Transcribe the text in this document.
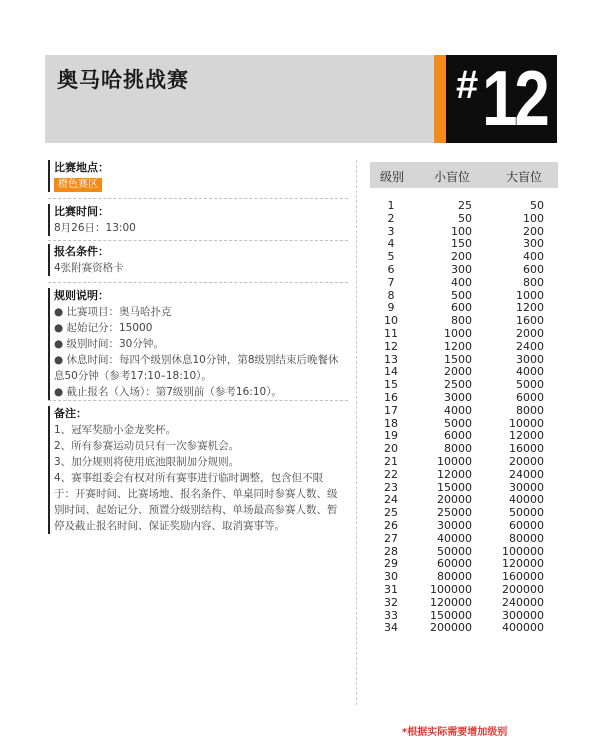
奥马哈挑战赛	# 12
比赛地点：
橙色赛区
比赛时间：
8月26日：13:00
报名条件：
4张附赛资格卡
规则说明：
● 比赛项目：奥马哈扑克
● 起始记分：15000
● 级别时间：30分钟。
● 休息时间：每四个级别休息10分钟，第8级别结束后晚餐休
息50分钟（参考17:10–18:10）。
● 截止报名（入场）：第7级别前（参考16:10）。
备注：
1、冠军奖励小金龙奖杯。
2、所有参赛运动员只有一次参赛机会。
3、加分规则将使用底池限制加分规则。
4、赛事组委会有权对所有赛事进行临时调整，包含但不限
于：开赛时间、比赛场地、报名条件、单桌同时参赛人数、级
别时间、起始记分、预置分级别结构、单场最高参赛人数、暂
停及截止报名时间、保证奖励内容、取消赛事等。
级别 小盲位	大盲位
1	25	50
2	50	100
3	100	200
4	150	300
5	200	400
6	300	600
7	400	800
8	500	1000
9	600	1200
10	800	1600
11	1000	2000
12	1200	2400
13	1500	3000
14	2000	4000
15	2500	5000
16	3000	6000
17	4000	8000
18	5000	10000
19	6000	12000
20	8000	16000
21	10000	20000
22	12000	24000
23	15000	30000
24	20000	40000
25	25000	50000
26	30000	60000
27	40000	80000
28	50000	100000
29	60000	120000
30	80000	160000
31	100000	200000
32	120000	240000
33	150000	300000
34	200000	400000
*根据实际需要增加级别
